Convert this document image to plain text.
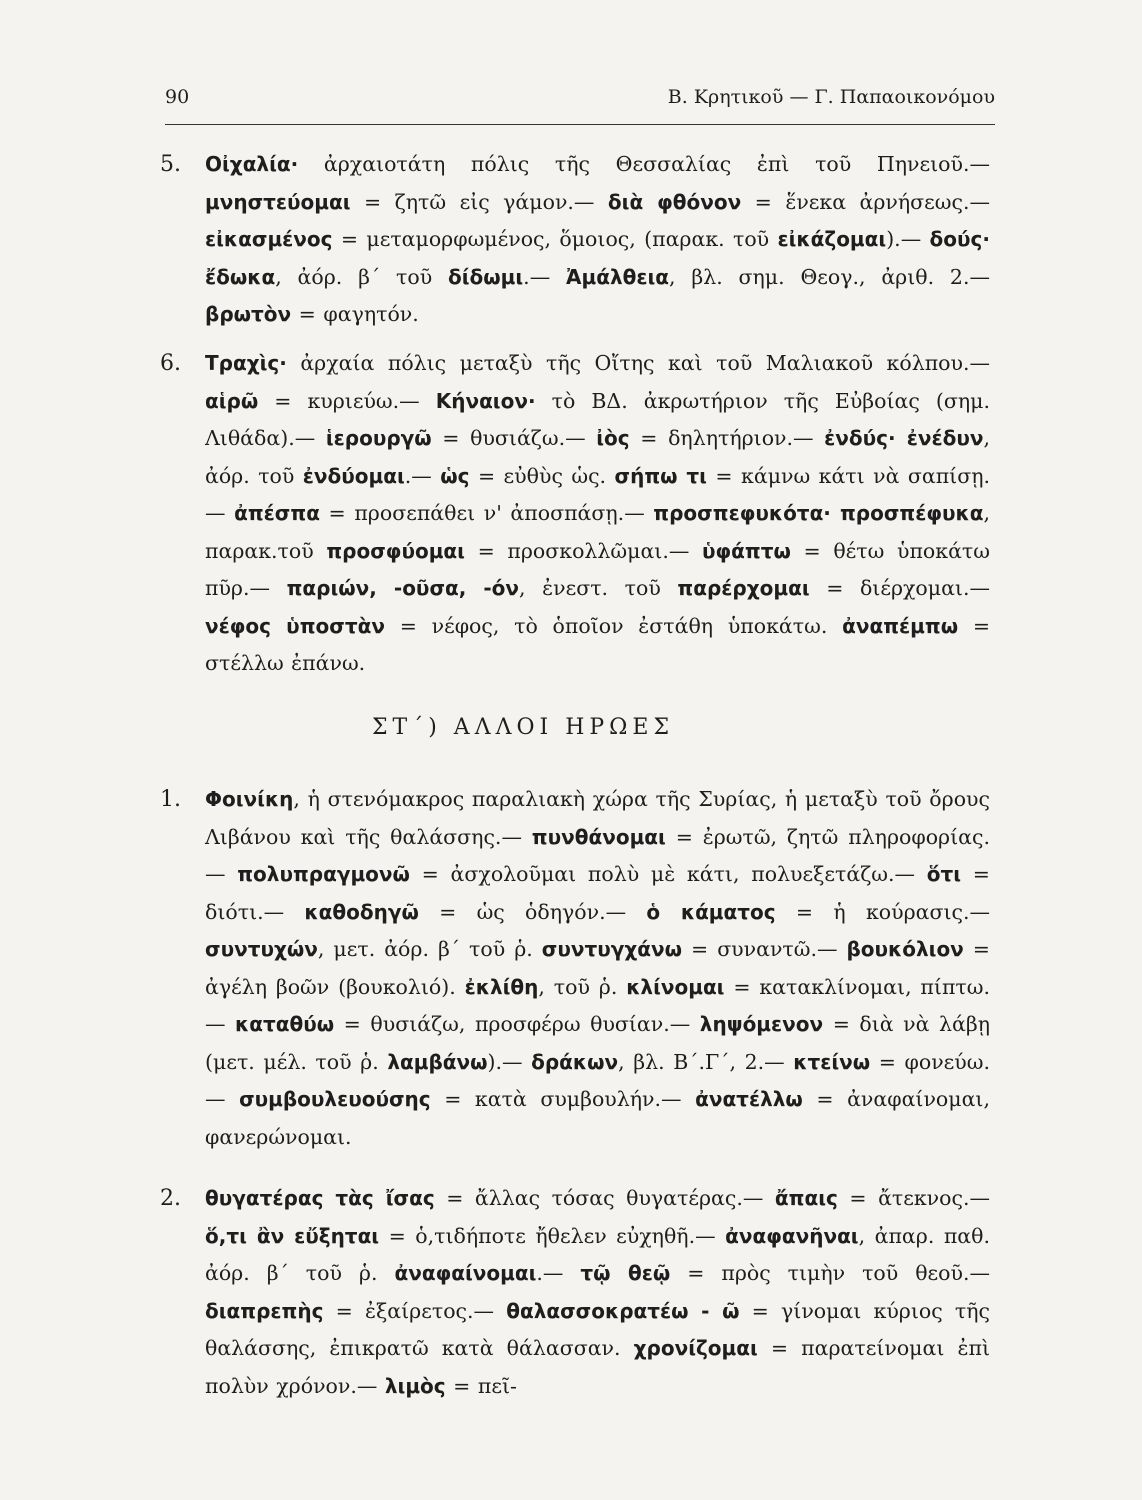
90	Β. Κρητικοῦ — Γ. Παπαοικονόμου
5. Οἰχαλία· ἀρχαιοτάτη πόλις τῆς Θεσσαλίας ἐπὶ τοῦ Πηνειοῦ.— μνηστεύομαι = ζητῶ εἰς γάμον.— διὰ φθόνον = ἕνεκα ἀρνήσεως.— εἰκασμένος = μεταμορφωμένος, ὅμοιος, (παρακ. τοῦ εἰκάζομαι).— δούς· ἔδωκα, ἀόρ. β΄ τοῦ δίδωμι.— Ἀμάλθεια, βλ. σημ. Θεογ., ἀριθ. 2.— βρωτὸν = φαγητόν.
6. Τραχὶς· ἀρχαία πόλις μεταξὺ τῆς Οἴτης καὶ τοῦ Μαλιακοῦ κόλπου.— αἱρῶ = κυριεύω.— Κήναιον· τὸ ΒΔ. ἀκρωτήριον τῆς Εὐβοίας (σημ. Λιθάδα).— ἱερουργῶ = θυσιάζω.— ἰὸς = δηλητήριον.— ἐνδύς· ἐνέδυν, ἀόρ. τοῦ ἐνδύομαι.— ὡς = εὐθὺς ὡς. σήπω τι = κάμνω κάτι νὰ σαπίσῃ.— ἀπέσπα = προσεπάθει ν' ἀποσπάσῃ.— προσπεφυκότα· προσπέφυκα, παρακ.τοῦ προσφύομαι = προσκολλῶμαι.— ὑφάπτω = θέτω ὑποκάτω πῦρ.— παριών, -οῦσα, -όν, ἐνεστ. τοῦ παρέρχομαι = διέρχομαι.— νέφος ὑποστὰν = νέφος, τὸ ὁποῖον ἐστάθη ὑποκάτω. ἀναπέμπω = στέλλω ἐπάνω.
ΣΤ΄) ΑΛΛΟΙ ΗΡΩΕΣ
1. Φοινίκη, ἡ στενόμακρος παραλιακὴ χώρα τῆς Συρίας, ἡ μεταξὺ τοῦ ὄρους Λιβάνου καὶ τῆς θαλάσσης.— πυνθάνομαι = ἐρωτῶ, ζητῶ πληροφορίας.— πολυπραγμονῶ = ἀσχολοῦμαι πολὺ μὲ κάτι, πολυεξετάζω.— ὅτι = διότι.— καθοδηγῶ = ὡς ὁδηγόν.— ὁ κάματος = ἡ κούρασις.— συντυχών, μετ. ἀόρ. β΄ τοῦ ῥ. συντυγχάνω = συναντῶ.— βουκόλιον = ἀγέλη βοῶν (βουκολιό). ἐκλίθη, τοῦ ῥ. κλίνομαι = κατακλίνομαι, πίπτω.— καταθύω = θυσιάζω, προσφέρω θυσίαν.— ληψόμενον = διὰ νὰ λάβῃ (μετ. μέλ. τοῦ ῥ. λαμβάνω).— δράκων, βλ. Β΄.Γ΄, 2.— κτείνω = φονεύω.— συμβουλευούσης = κατὰ συμβουλήν.— ἀνατέλλω = ἀναφαίνομαι, φανερώνομαι.
2. θυγατέρας τὰς ἴσας = ἄλλας τόσας θυγατέρας.— ἄπαις = ἄτεκνος.— ὅ,τι ἂν εὔξηται = ὁ,τιδήποτε ἤθελεν εὐχηθῆ.— ἀναφανῆναι, ἀπαρ. παθ. ἀόρ. β΄ τοῦ ῥ. ἀναφαίνομαι.— τῷ θεῷ = πρὸς τιμὴν τοῦ θεοῦ.— διαπρεπὴς = ἐξαίρετος.— θαλασσοκρατέω - ῶ = γίνομαι κύριος τῆς θαλάσσης, ἐπικρατῶ κατὰ θάλασσαν. χρονίζομαι = παρατείνομαι ἐπὶ πολὺν χρόνον.— λιμὸς = πεῖ-
